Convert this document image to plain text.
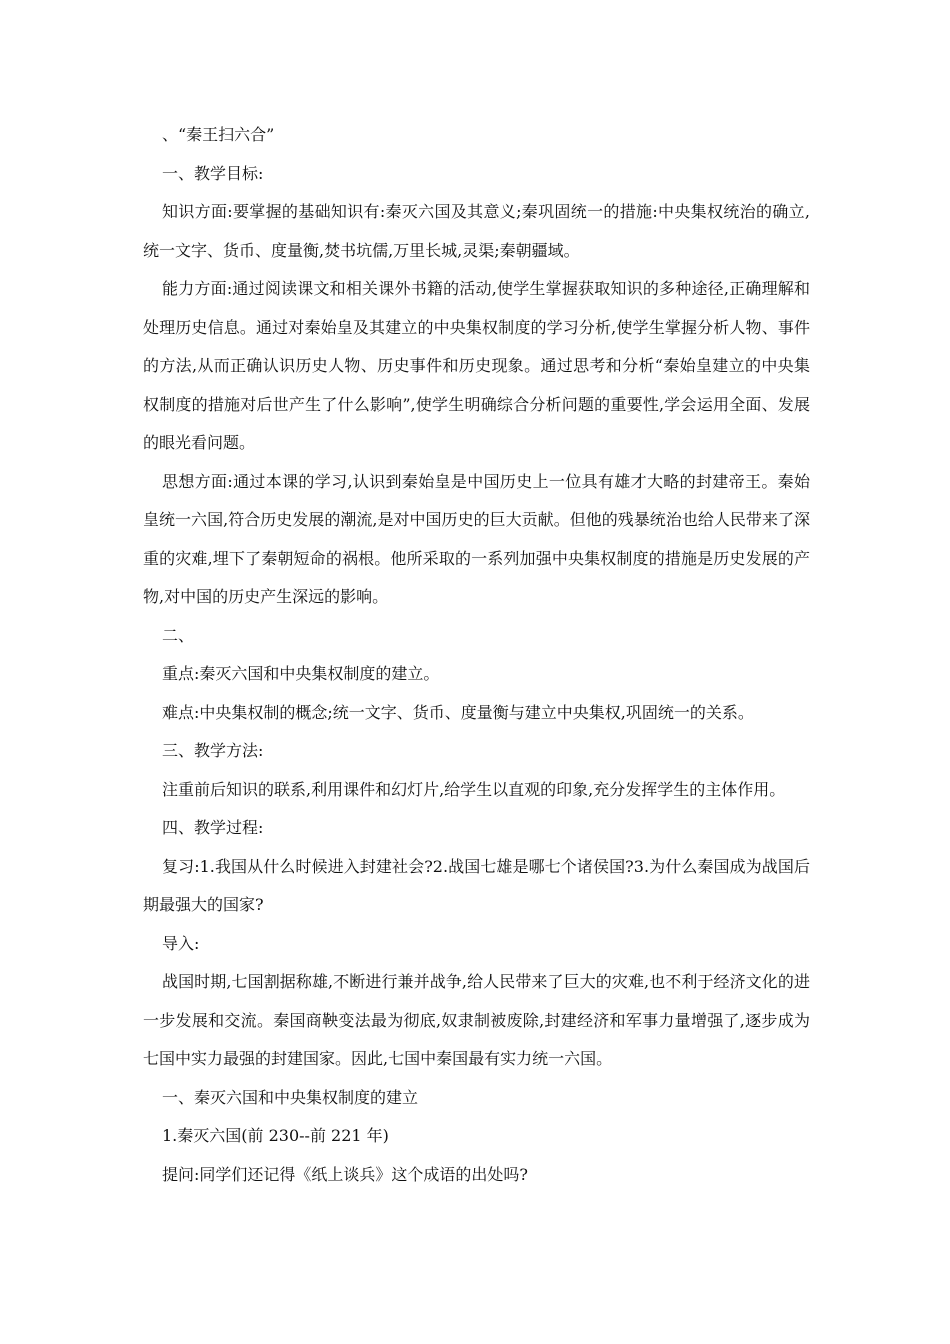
、“秦王扫六合”

一、教学目标:

知识方面:要掌握的基础知识有:秦灭六国及其意义;秦巩固统一的措施:中央集权统治的确立,统一文字、货币、度量衡,焚书坑儒,万里长城,灵渠;秦朝疆域。

能力方面:通过阅读课文和相关课外书籍的活动,使学生掌握获取知识的多种途径,正确理解和处理历史信息。通过对秦始皇及其建立的中央集权制度的学习分析,使学生掌握分析人物、事件的方法,从而正确认识历史人物、历史事件和历史现象。通过思考和分析“秦始皇建立的中央集权制度的措施对后世产生了什么影响”,使学生明确综合分析问题的重要性,学会运用全面、发展的眼光看问题。

思想方面:通过本课的学习,认识到秦始皇是中国历史上一位具有雄才大略的封建帝王。秦始皇统一六国,符合历史发展的潮流,是对中国历史的巨大贡献。但他的残暴统治也给人民带来了深重的灾难,埋下了秦朝短命的祸根。他所采取的一系列加强中央集权制度的措施是历史发展的产物,对中国的历史产生深远的影响。

二、

重点:秦灭六国和中央集权制度的建立。

难点:中央集权制的概念;统一文字、货币、度量衡与建立中央集权,巩固统一的关系。

三、教学方法:

注重前后知识的联系,利用课件和幻灯片,给学生以直观的印象,充分发挥学生的主体作用。

四、教学过程:

复习:1.我国从什么时候进入封建社会?2.战国七雄是哪七个诸侯国?3.为什么秦国成为战国后期最强大的国家?

导入:

战国时期,七国割据称雄,不断进行兼并战争,给人民带来了巨大的灾难,也不利于经济文化的进一步发展和交流。秦国商鞅变法最为彻底,奴隶制被废除,封建经济和军事力量增强了,逐步成为七国中实力最强的封建国家。因此,七国中秦国最有实力统一六国。

一、秦灭六国和中央集权制度的建立

1.秦灭六国(前 230--前 221 年)

提问:同学们还记得《纸上谈兵》这个成语的出处吗?
